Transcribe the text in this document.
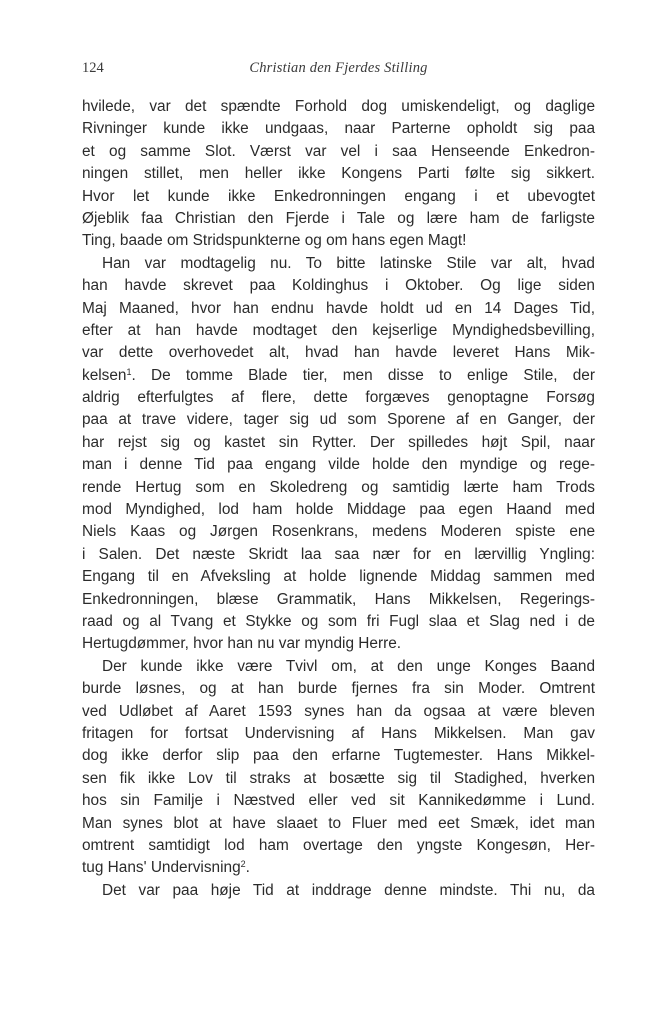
124	Christian den Fjerdes Stilling
hvilede, var det spændte Forhold dog umiskendeligt, og daglige
Rivninger kunde ikke undgaas, naar Parterne opholdt sig paa
et og samme Slot. Værst var vel i saa Henseende Enkedron-
ningen stillet, men heller ikke Kongens Parti følte sig sikkert.
Hvor let kunde ikke Enkedronningen engang i et ubevogtet
Øjeblik faa Christian den Fjerde i Tale og lære ham de farligste
Ting, baade om Stridspunkterne og om hans egen Magt!
Han var modtagelig nu. To bitte latinske Stile var alt, hvad
han havde skrevet paa Koldinghus i Oktober. Og lige siden
Maj Maaned, hvor han endnu havde holdt ud en 14 Dages Tid,
efter at han havde modtaget den kejserlige Myndighedsbevilling,
var dette overhovedet alt, hvad han havde leveret Hans Mik-
kelsen$^1$. De tomme Blade tier, men disse to enlige Stile, der
aldrig efterfulgtes af flere, dette forgæves genoptagne Forsøg
paa at trave videre, tager sig ud som Sporene af en Ganger, der
har rejst sig og kastet sin Rytter. Der spilledes højt Spil, naar
man i denne Tid paa engang vilde holde den myndige og rege-
rende Hertug som en Skoledreng og samtidig lærte ham Trods
mod Myndighed, lod ham holde Middage paa egen Haand med
Niels Kaas og Jørgen Rosenkrans, medens Moderen spiste ene
i Salen. Det næste Skridt laa saa nær for en lærvillig Yngling:
Engang til en Afveksling at holde lignende Middag sammen med
Enkedronningen, blæse Grammatik, Hans Mikkelsen, Regerings-
raad og al Tvang et Stykke og som fri Fugl slaa et Slag ned i de
Hertugdømmer, hvor han nu var myndig Herre.
Der kunde ikke være Tvivl om, at den unge Konges Baand
burde løsnes, og at han burde fjernes fra sin Moder. Omtrent
ved Udløbet af Aaret 1593 synes han da ogsaa at være bleven
fritagen for fortsat Undervisning af Hans Mikkelsen. Man gav
dog ikke derfor slip paa den erfarne Tugtemester. Hans Mikkel-
sen fik ikke Lov til straks at bosætte sig til Stadighed, hverken
hos sin Familje i Næstved eller ved sit Kannikedømme i Lund.
Man synes blot at have slaaet to Fluer med eet Smæk, idet man
omtrent samtidigt lod ham overtage den yngste Kongesøn, Her-
tug Hans' Undervisning$^2$.
Det var paa høje Tid at inddrage denne mindste. Thi nu, da
